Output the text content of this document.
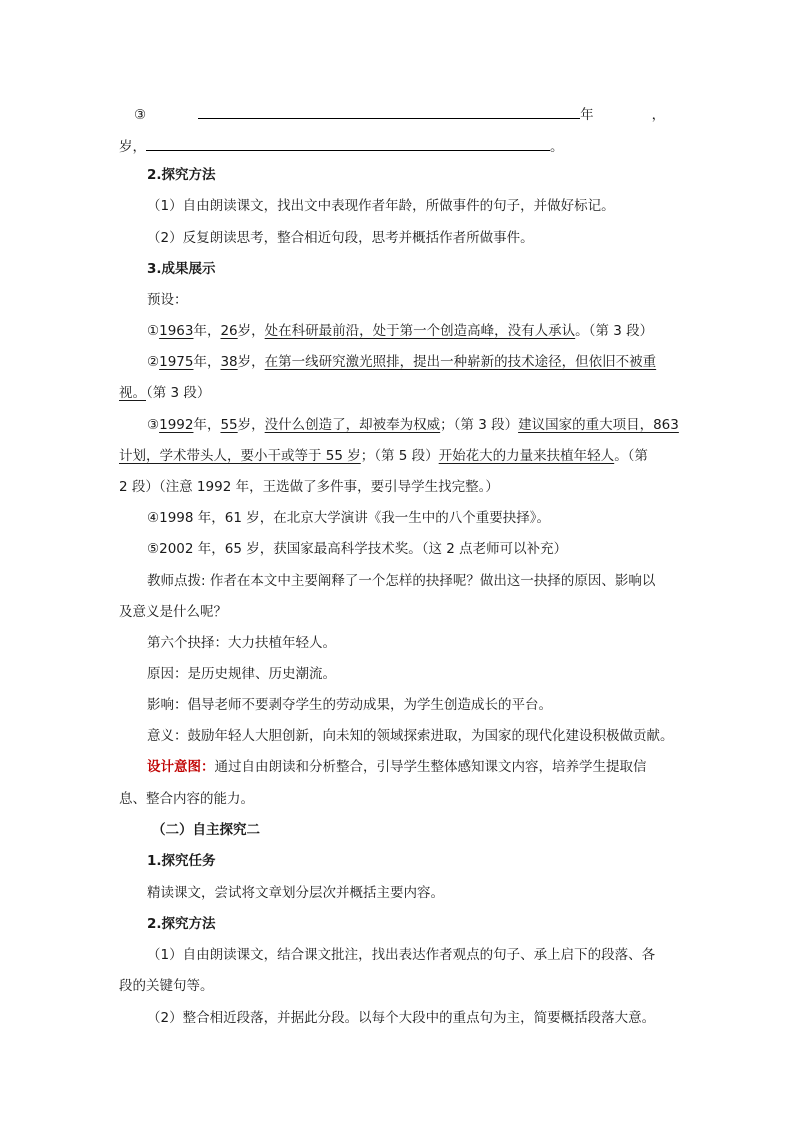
③	年	，
岁，	。
2.探究方法
（1）自由朗读课文，找出文中表现作者年龄，所做事件的句子，并做好标记。
（2）反复朗读思考，整合相近句段，思考并概括作者所做事件。
3.成果展示
预设：
①1963年，26岁，处在科研最前沿，处于第一个创造高峰，没有人承认。（第 3 段）
②1975年，38岁，在第一线研究激光照排，提出一种崭新的技术途径，但依旧不被重
视。（第 3 段）
③1992年，55岁，没什么创造了，却被奉为权威；（第 3 段）建议国家的重大项目，863
计划，学术带头人，要小干或等于 55 岁；（第 5 段）开始花大的力量来扶植年轻人。（第
2 段）（注意 1992 年，王选做了多件事，要引导学生找完整。）
④1998 年，61 岁，在北京大学演讲《我一生中的八个重要抉择》。
⑤2002 年，65 岁，获国家最高科学技术奖。（这 2 点老师可以补充）
教师点拨: 作者在本文中主要阐释了一个怎样的抉择呢？做出这一抉择的原因、影响以
及意义是什么呢？
第六个抉择：大力扶植年轻人。
原因：是历史规律、历史潮流。
影响：倡导老师不要剥夺学生的劳动成果，为学生创造成长的平台。
意义：鼓励年轻人大胆创新，向未知的领域探索进取，为国家的现代化建设积极做贡献。
设计意图：通过自由朗读和分析整合，引导学生整体感知课文内容，培养学生提取信
息、整合内容的能力。
（二）自主探究二
1.探究任务
精读课文，尝试将文章划分层次并概括主要内容。
2.探究方法
（1）自由朗读课文，结合课文批注，找出表达作者观点的句子、承上启下的段落、各
段的关键句等。
（2）整合相近段落，并据此分段。以每个大段中的重点句为主，简要概括段落大意。
